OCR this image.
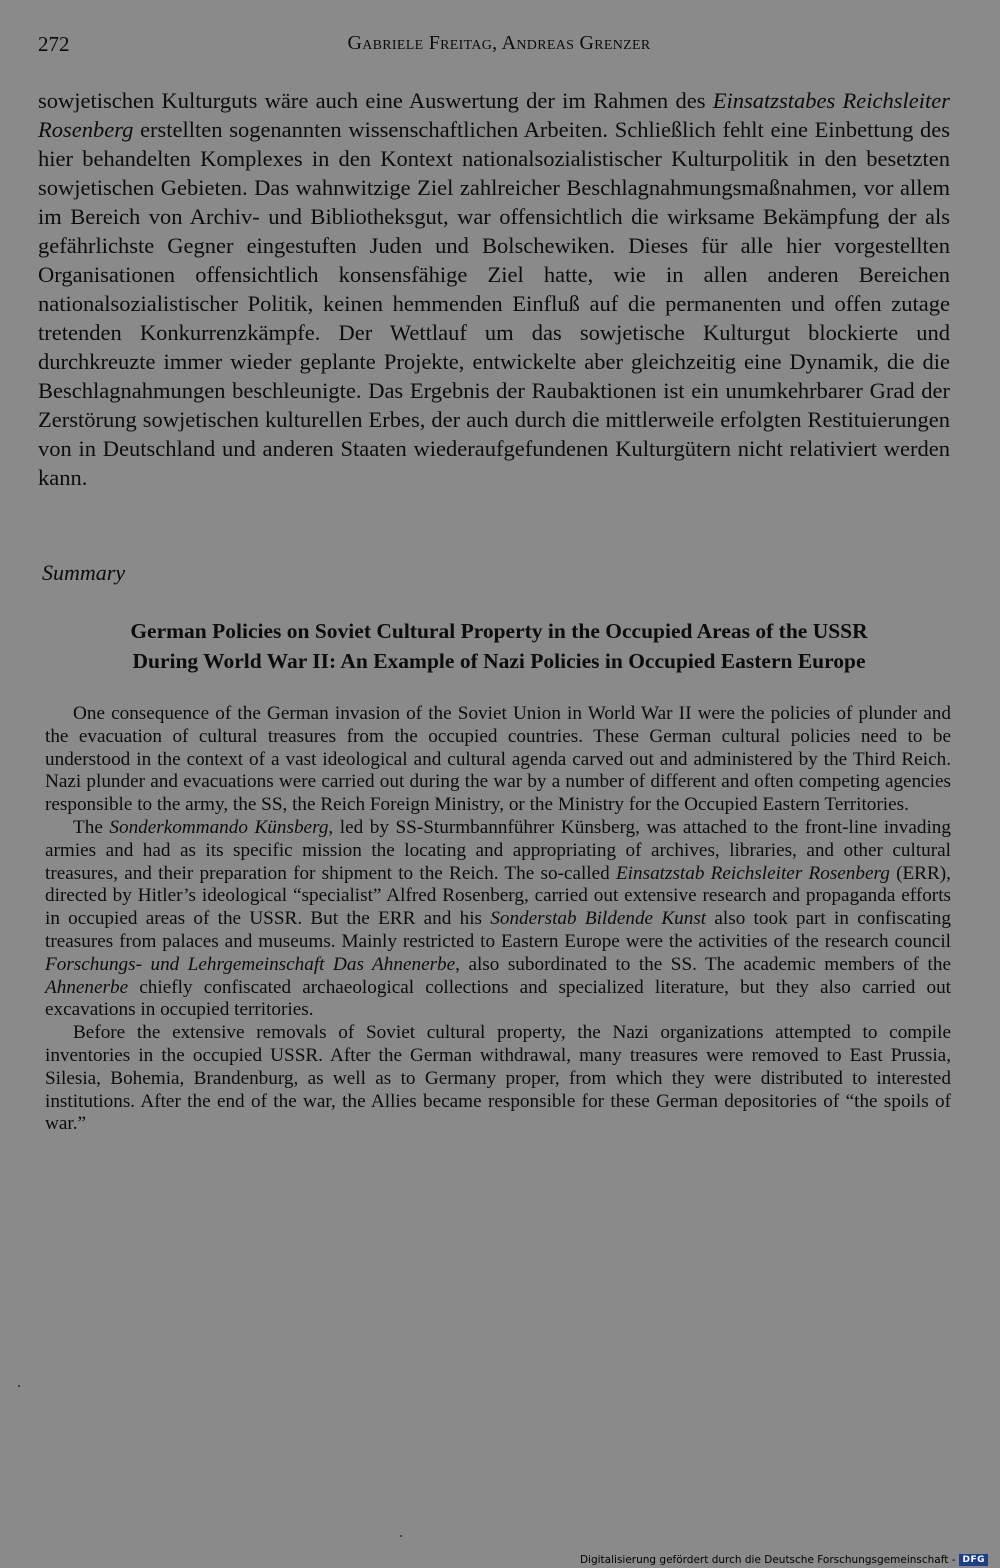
272	Gabriele Freitag, Andreas Grenzer

sowjetischen Kulturguts wäre auch eine Auswertung der im Rahmen des Einsatzstabes Reichsleiter Rosenberg erstellten sogenannten wissenschaftlichen Arbeiten. Schließlich fehlt eine Einbettung des hier behandelten Komplexes in den Kontext nationalsozialistischer Kulturpolitik in den besetzten sowjetischen Gebieten. Das wahnwitzige Ziel zahlreicher Beschlagnahmungsmaßnahmen, vor allem im Bereich von Archiv- und Bibliotheksgut, war offensichtlich die wirksame Bekämpfung der als gefährlichste Gegner eingestuften Juden und Bolschewiken. Dieses für alle hier vorgestellten Organisationen offensichtlich konsensfähige Ziel hatte, wie in allen anderen Bereichen nationalsozialistischer Politik, keinen hemmenden Einfluß auf die permanenten und offen zutage tretenden Konkurrenzkämpfe. Der Wettlauf um das sowjetische Kulturgut blockierte und durchkreuzte immer wieder geplante Projekte, entwickelte aber gleichzeitig eine Dynamik, die die Beschlagnahmungen beschleunigte. Das Ergebnis der Raubaktionen ist ein unumkehrbarer Grad der Zerstörung sowjetischen kulturellen Erbes, der auch durch die mittlerweile erfolgten Restituierungen von in Deutschland und anderen Staaten wiederaufgefundenen Kulturgütern nicht relativiert werden kann.

Summary
German Policies on Soviet Cultural Property in the Occupied Areas of the USSR
During World War II: An Example of Nazi Policies in Occupied Eastern Europe

One consequence of the German invasion of the Soviet Union in World War II were the policies of plunder and the evacuation of cultural treasures from the occupied countries. These German cultural policies need to be understood in the context of a vast ideological and cultural agenda carved out and administered by the Third Reich. Nazi plunder and evacuations were carried out during the war by a number of different and often competing agencies responsible to the army, the SS, the Reich Foreign Ministry, or the Ministry for the Occupied Eastern Territories.

The Sonderkommando Künsberg, led by SS-Sturmbannführer Künsberg, was attached to the front-line invading armies and had as its specific mission the locating and appropriating of archives, libraries, and other cultural treasures, and their preparation for shipment to the Reich. The so-called Einsatzstab Reichsleiter Rosenberg (ERR), directed by Hitler’s ideological “specialist” Alfred Rosenberg, carried out extensive research and propaganda efforts in occupied areas of the USSR. But the ERR and his Sonderstab Bildende Kunst also took part in confiscating treasures from palaces and museums. Mainly restricted to Eastern Europe were the activities of the research council Forschungs- und Lehrgemeinschaft Das Ahnenerbe, also subordinated to the SS. The academic members of the Ahnenerbe chiefly confiscated archaeological collections and specialized literature, but they also carried out excavations in occupied territories.

Before the extensive removals of Soviet cultural property, the Nazi organizations attempted to compile inventories in the occupied USSR. After the German withdrawal, many treasures were removed to East Prussia, Silesia, Bohemia, Brandenburg, as well as to Germany proper, from which they were distributed to interested institutions. After the end of the war, the Allies became responsible for these German depositories of “the spoils of war.”

Digitalisierung gefördert durch die Deutsche Forschungsgemeinschaft - DFG
